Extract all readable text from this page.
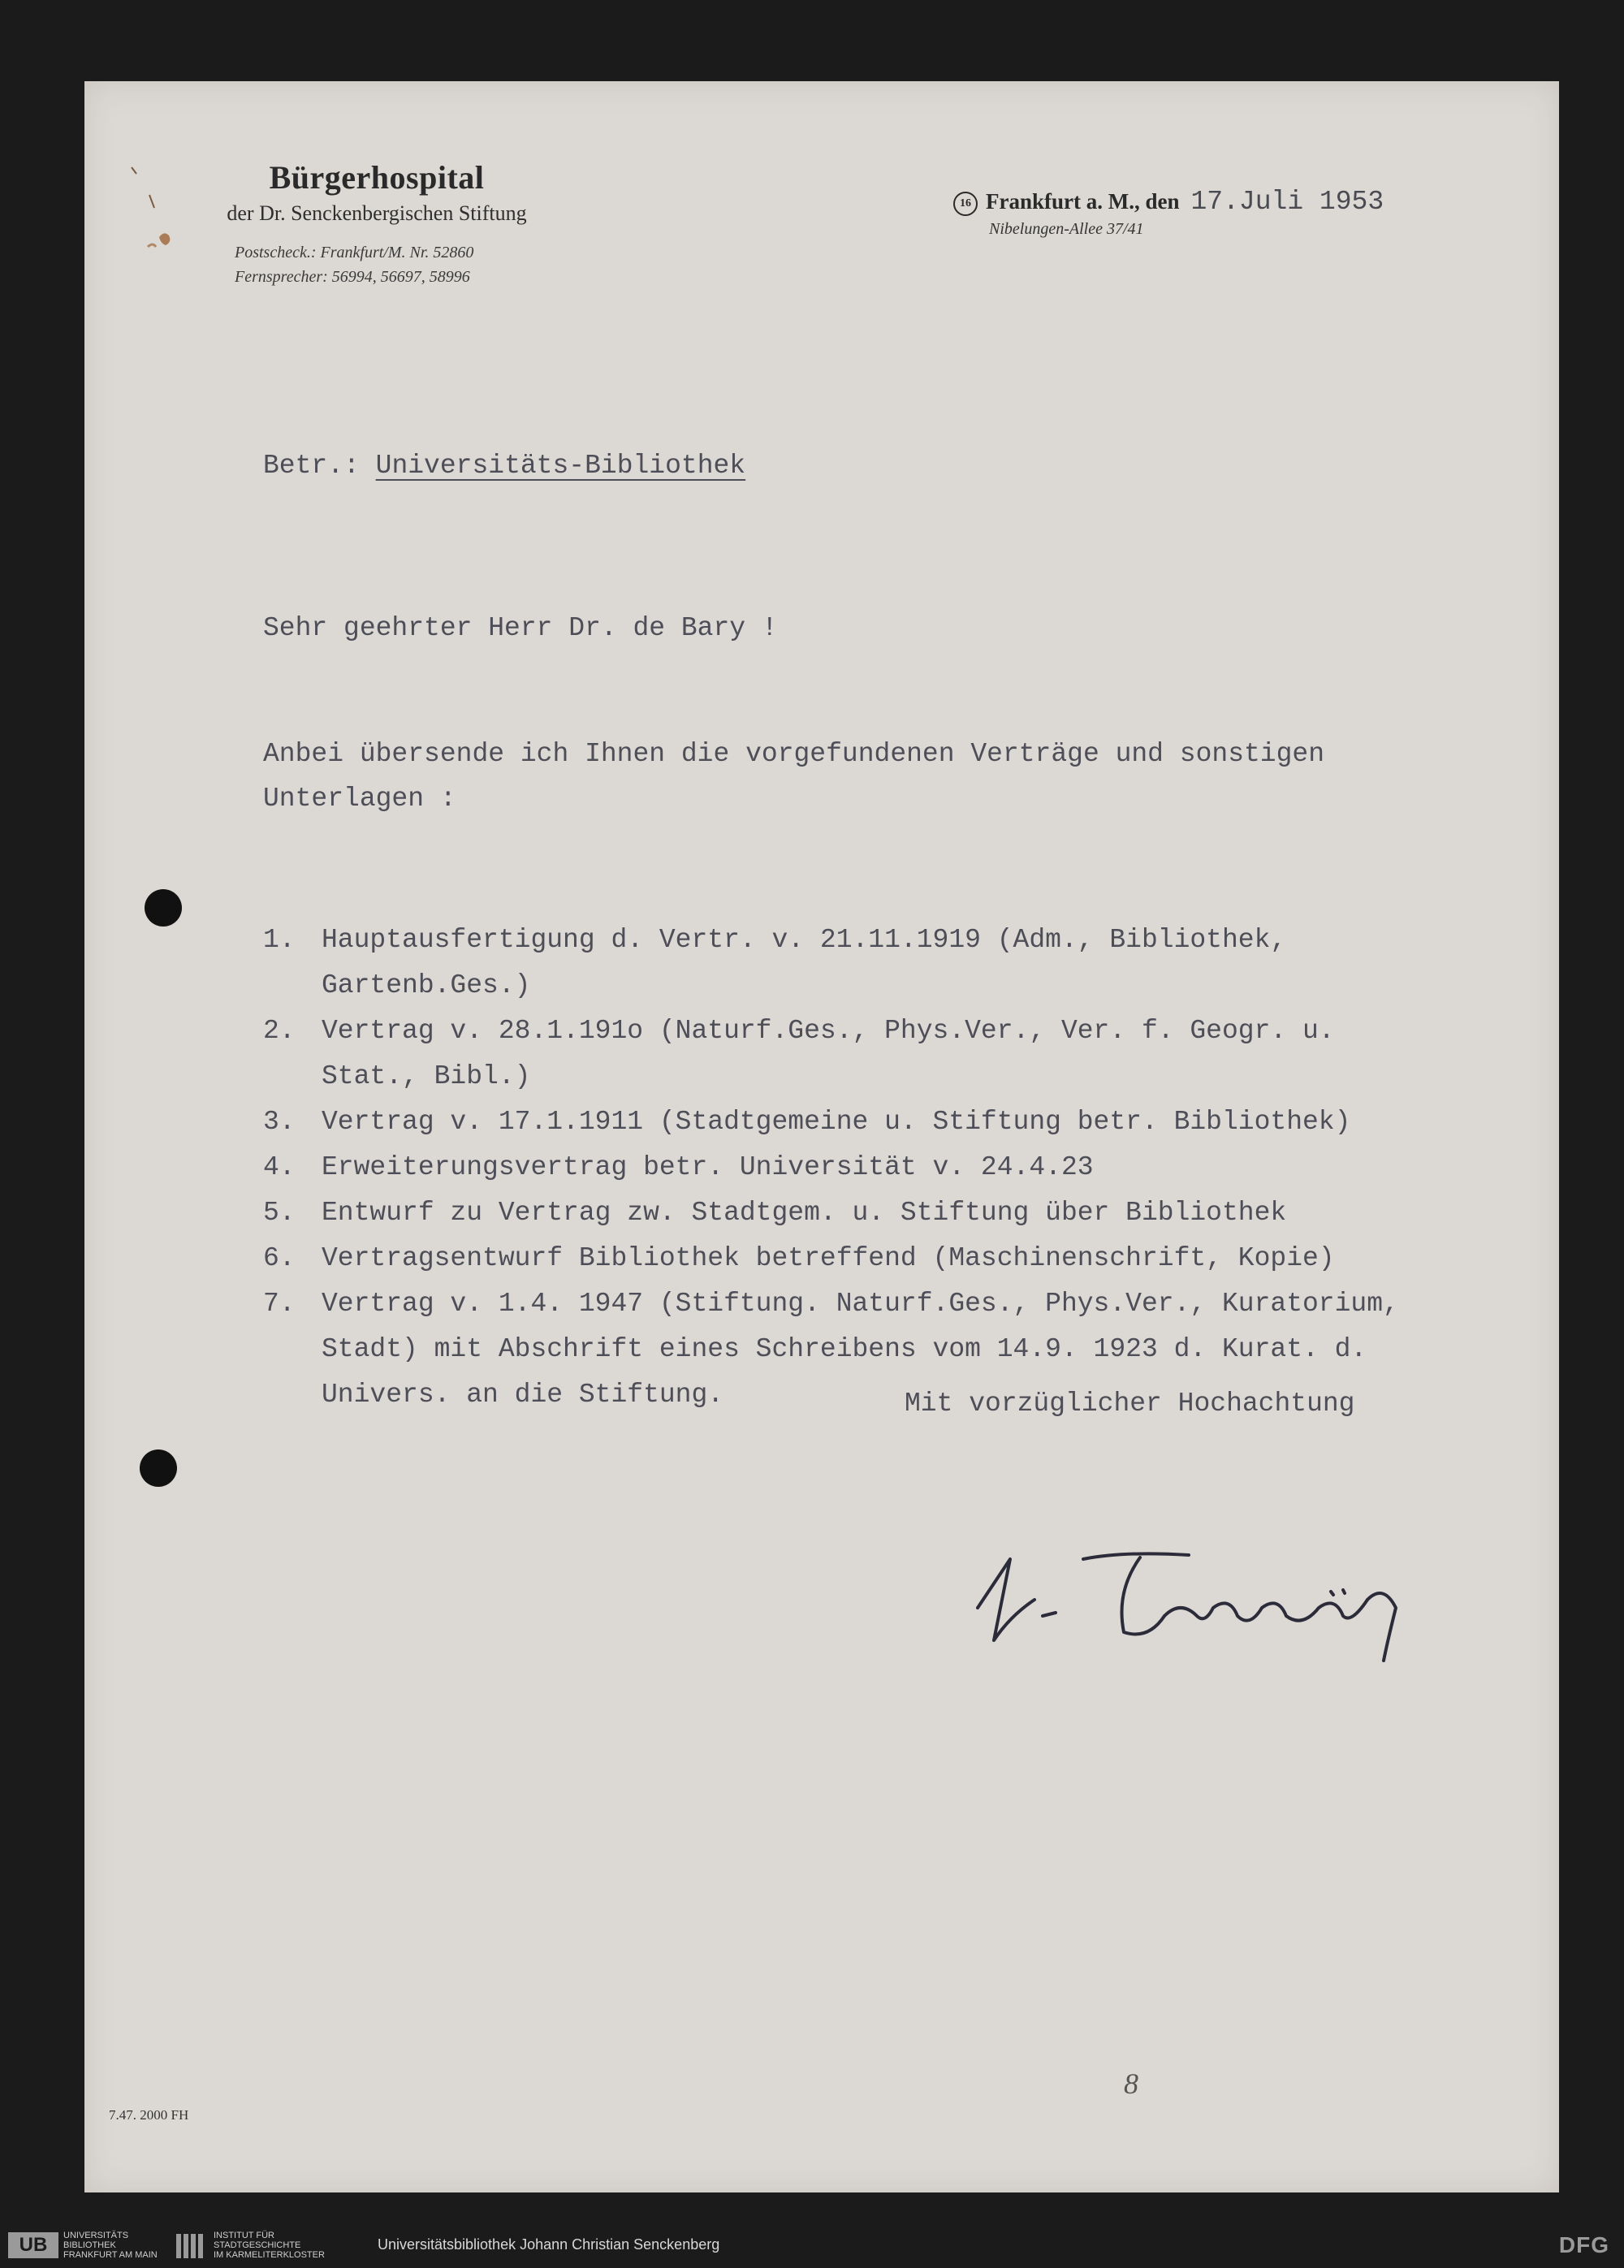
Bürgerhospital
der Dr. Senckenbergischen Stiftung
Postscheck.: Frankfurt/M. Nr. 52860
Fernsprecher: 56994, 56697, 58996
16 Frankfurt a. M., den 17.Juli 1953
Nibelungen-Allee 37/41
Betr.: Universitäts-Bibliothek
Sehr geehrter Herr Dr. de Bary !
Anbei übersende ich Ihnen die vorgefundenen Verträge und sonstigen
Unterlagen :
1. Hauptausfertigung d. Vertr. v. 21.11.1919 (Adm., Bibliothek,
Gartenb.Ges.)
2. Vertrag v. 28.1.191o (Naturf.Ges., Phys.Ver., Ver. f. Geogr. u.
Stat., Bibl.)
3. Vertrag v. 17.1.1911 (Stadtgemeine u. Stiftung betr. Bibliothek)
4. Erweiterungsvertrag betr. Universität v. 24.4.23
5. Entwurf zu Vertrag zw. Stadtgem. u. Stiftung über Bibliothek
6. Vertragsentwurf Bibliothek betreffend (Maschinenschrift, Kopie)
7. Vertrag v. 1.4. 1947 (Stiftung. Naturf.Ges., Phys.Ver., Kuratorium,
Stadt) mit Abschrift eines Schreibens vom 14.9. 1923 d. Kurat. d.
Univers. an die Stiftung.	Mit vorzüglicher Hochachtung
8
7.47. 2000 FH
UB	UNIVERSITÄTS
BIBLIOTHEK
FRANKFURT AM MAIN
INSTITUT FÜR
STADTGESCHICHTE
IM KARMELITERKLOSTER
Universitätsbibliothek Johann Christian Senckenberg	DFG
